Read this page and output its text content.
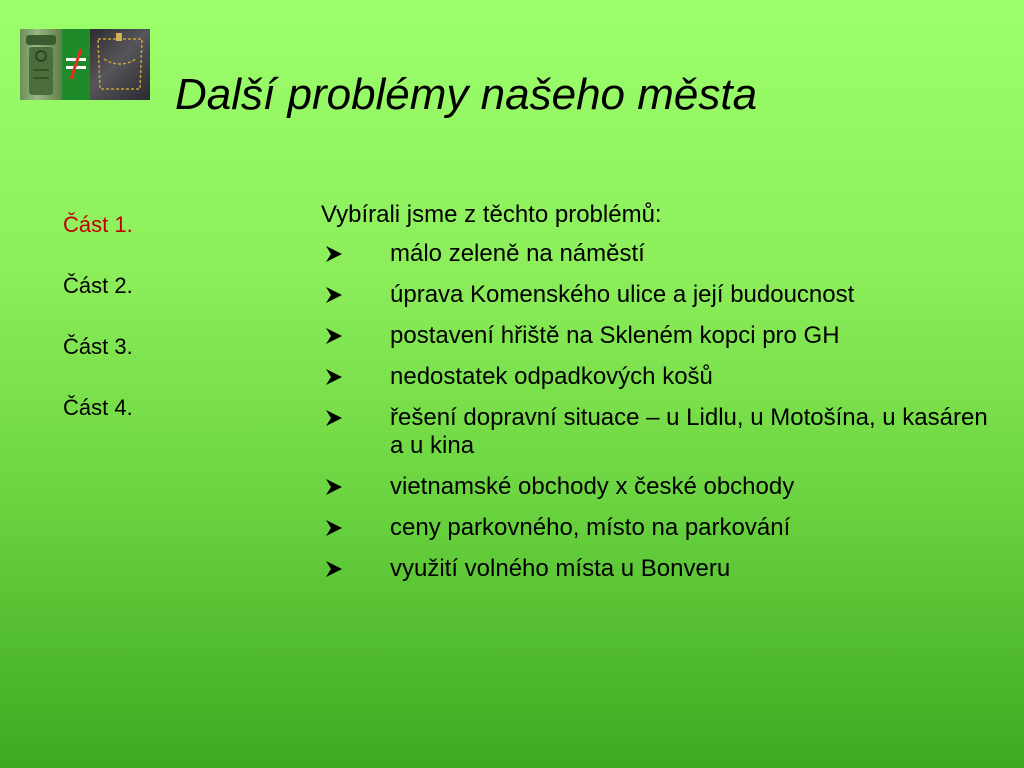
Další problémy našeho města
Část 1.
Část 2.
Část 3.
Část 4.

Vybírali jsme z těchto problémů:

málo zeleně na náměstí
úprava Komenského ulice a její budoucnost
postavení hřiště na Skleném kopci pro GH
nedostatek odpadkových košů
řešení dopravní situace – u Lidlu, u Motošína, u kasáren a u kina
vietnamské obchody x české obchody
ceny parkovného, místo na parkování
využití volného místa u Bonveru
